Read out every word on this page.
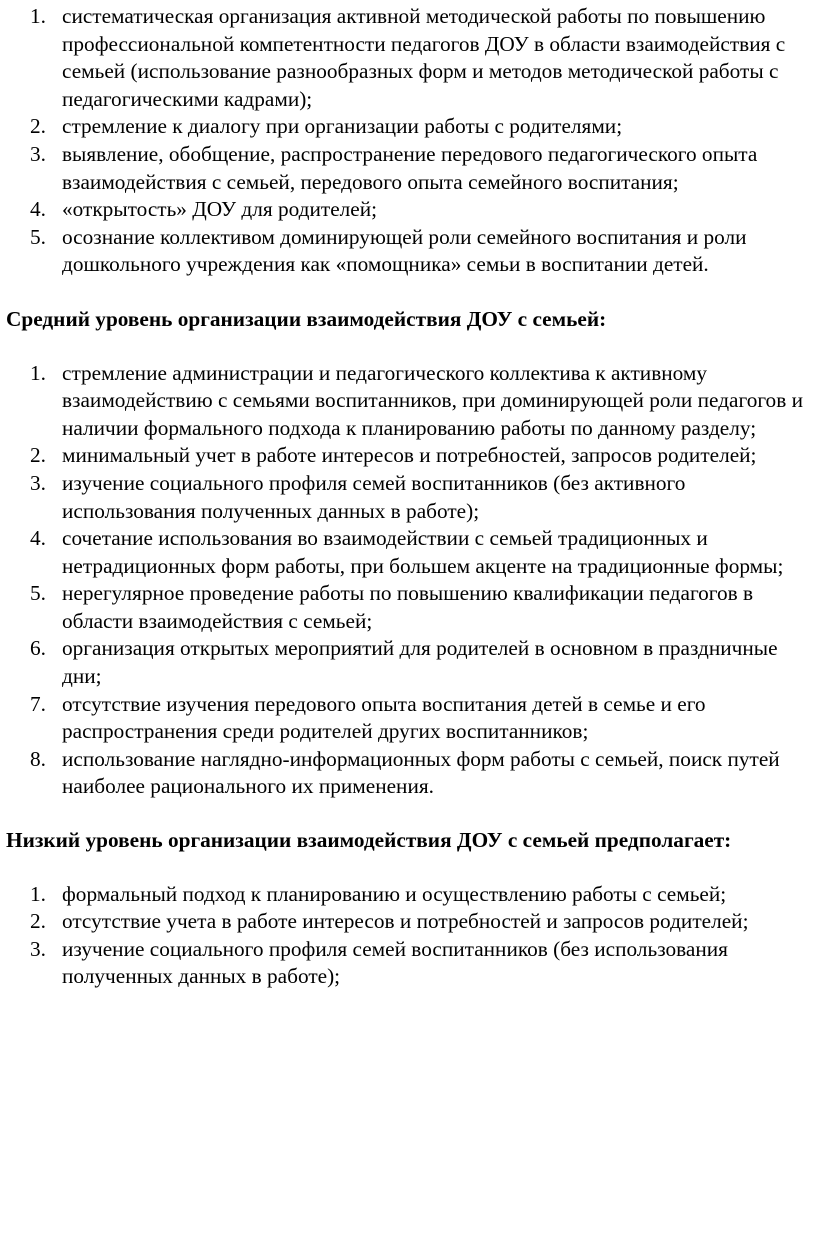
1. систематическая организация активной методической работы по повышению профессиональной компетентности педагогов ДОУ в области взаимодействия с семьей (использование разнообразных форм и методов методической работы с педагогическими кадрами);
2. стремление к диалогу при организации работы с родителями;
3. выявление, обобщение, распространение передового педагогического опыта взаимодействия с семьей, передового опыта семейного воспитания;
4. «открытость» ДОУ для родителей;
5. осознание коллективом доминирующей роли семейного воспитания и роли дошкольного учреждения как «помощника» семьи в воспитании детей.

Средний уровень организации взаимодействия ДОУ с семьей:

1. стремление администрации и педагогического коллектива к активному взаимодействию с семьями воспитанников, при доминирующей роли педагогов и наличии формального подхода к планированию работы по данному разделу;
2. минимальный учет в работе интересов и потребностей, запросов родителей;
3. изучение социального профиля семей воспитанников (без активного использования полученных данных в работе);
4. сочетание использования во взаимодействии с семьей традиционных и нетрадиционных форм работы, при большем акценте на традиционные формы;
5. нерегулярное проведение работы по повышению квалификации педагогов в области взаимодействия с семьей;
6. организация открытых мероприятий для родителей в основном в праздничные дни;
7. отсутствие изучения передового опыта воспитания детей в семье и его распространения среди родителей других воспитанников;
8. использование наглядно-информационных форм работы с семьей, поиск путей наиболее рационального их применения.

Низкий уровень организации взаимодействия ДОУ с семьей предполагает:

1. формальный подход к планированию и осуществлению работы с семьей;
2. отсутствие учета в работе интересов и потребностей и запросов родителей;
3. изучение социального профиля семей воспитанников (без использования полученных данных в работе);
